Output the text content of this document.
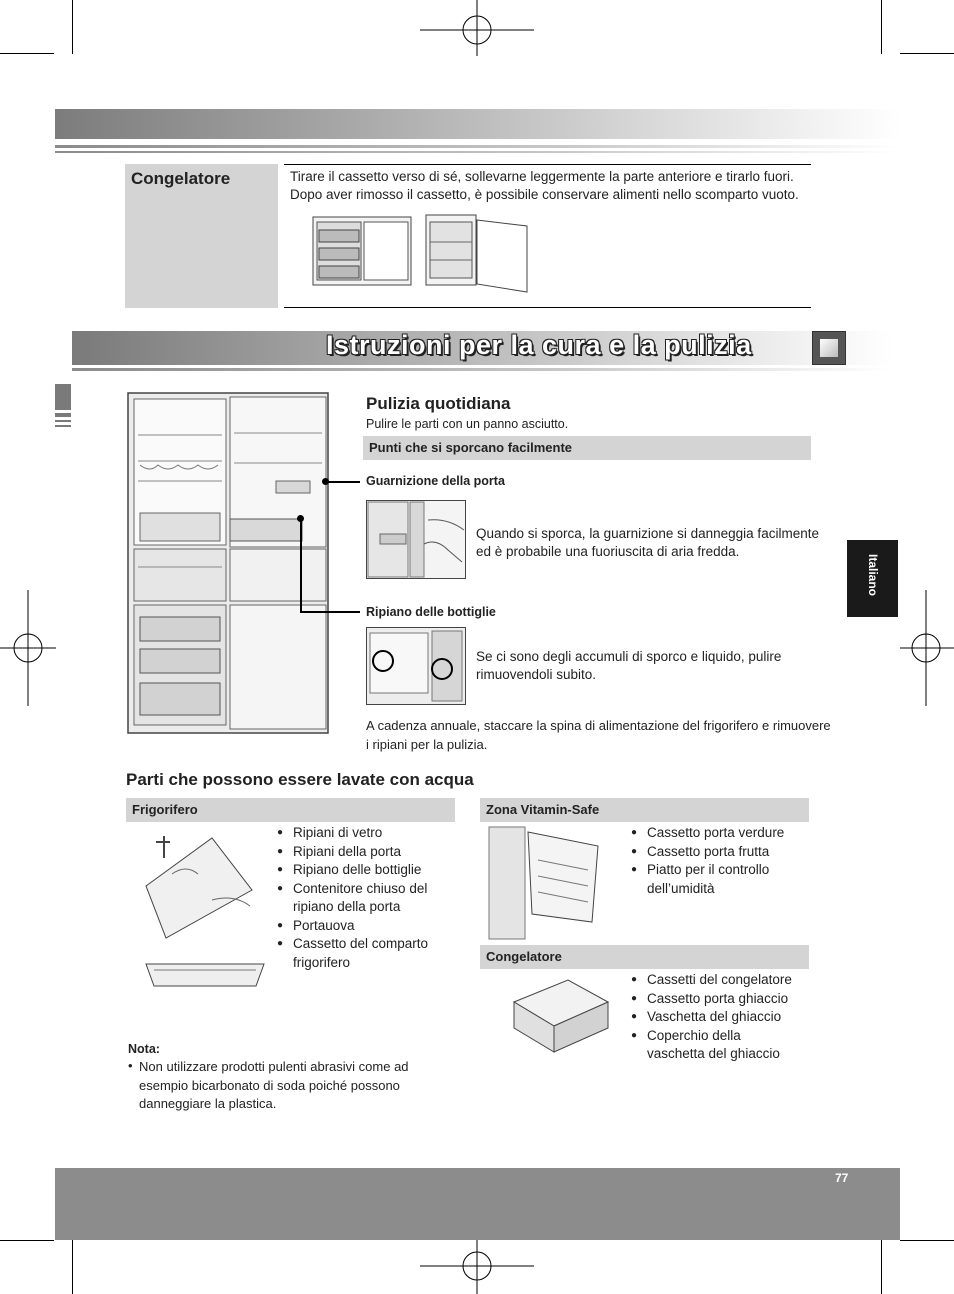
Congelatore	Tirare il cassetto verso di sé, sollevarne leggermente la parte anteriore e tirarlo fuori.
Dopo aver rimosso il cassetto, è possibile conservare alimenti nello scomparto vuoto.
Istruzioni per la cura e la pulizia
Italiano
Pulizia quotidiana
Pulire le parti con un panno asciutto.
Punti che si sporcano facilmente
Guarnizione della porta
Quando si sporca, la guarnizione si danneggia facilmente
ed è probabile una fuoriuscita di aria fredda.
Ripiano delle bottiglie
Se ci sono degli accumuli di sporco e liquido, pulire
rimuovendoli subito.
A cadenza annuale, staccare la spina di alimentazione del frigorifero e rimuovere
i ripiani per la pulizia.
Parti che possono essere lavate con acqua
Frigorifero
● Ripiani di vetro
● Ripiani della porta
● Ripiano delle bottiglie
● Contenitore chiuso del ripiano della porta
● Portauova
● Cassetto del comparto frigorifero
Zona Vitamin-Safe
● Cassetto porta verdure
● Cassetto porta frutta
● Piatto per il controllo dell’umidità
Congelatore
● Cassetti del congelatore
● Cassetto porta ghiaccio
● Vaschetta del ghiaccio
● Coperchio della vaschetta del ghiaccio
Nota:
• Non utilizzare prodotti pulenti abrasivi come ad esempio bicarbonato di soda poiché possono danneggiare la plastica.
77
